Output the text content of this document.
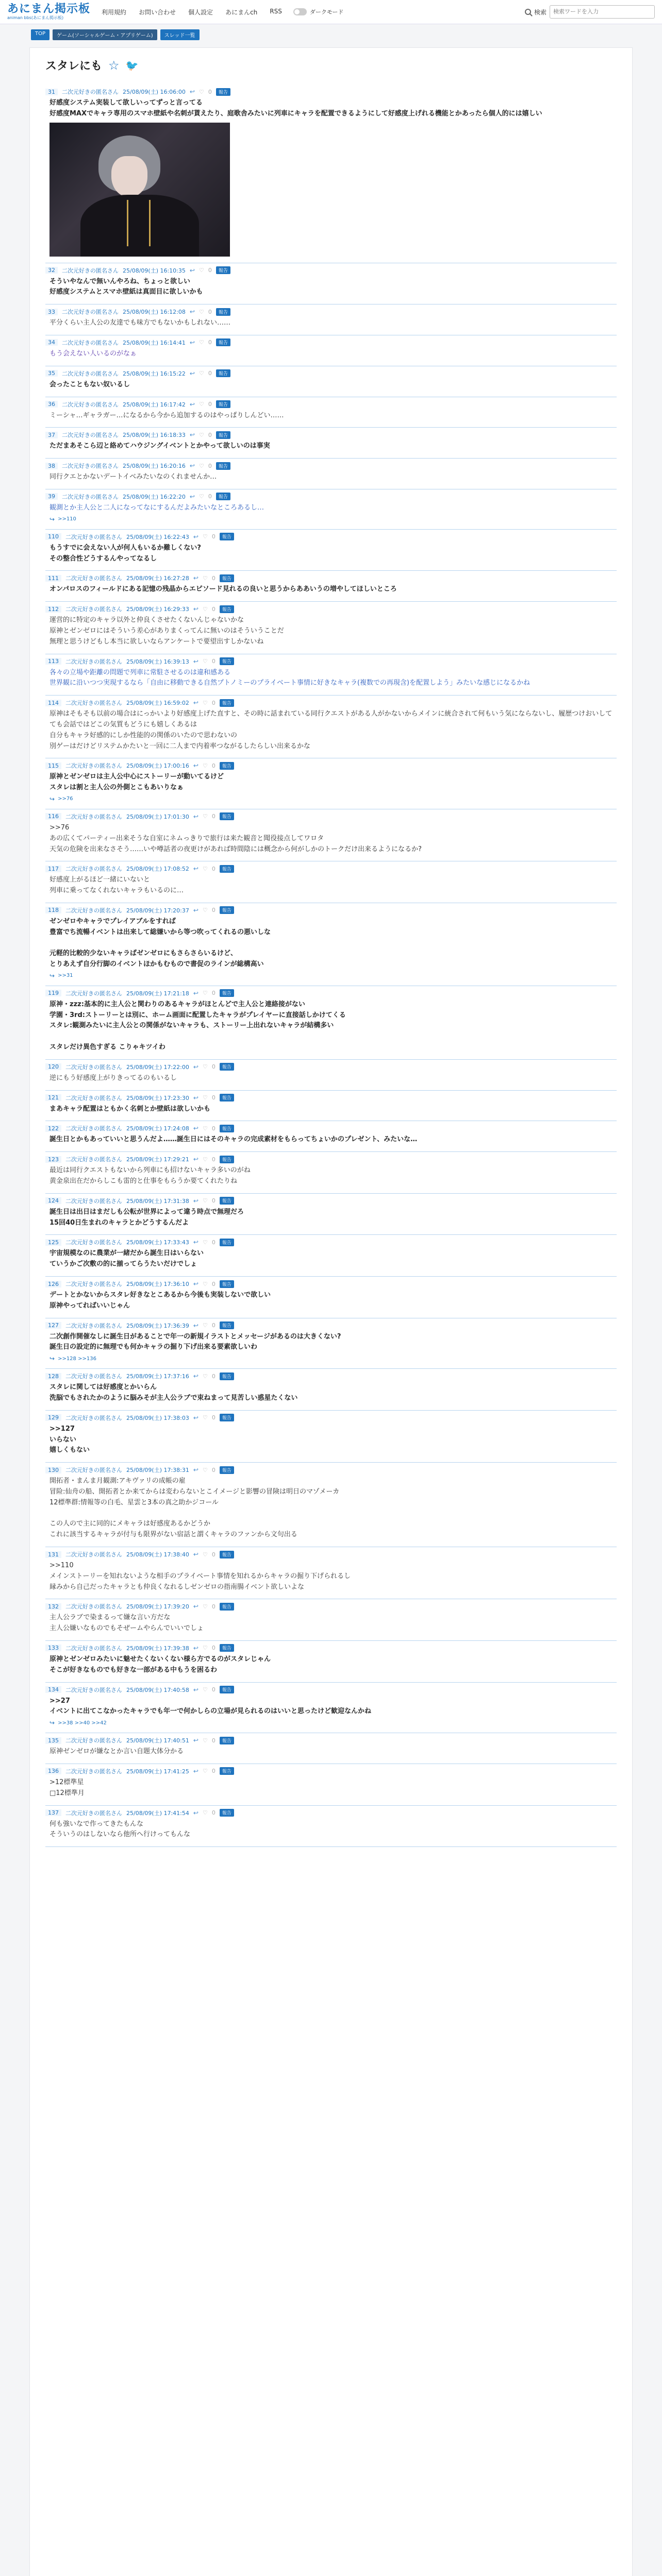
あにまん掲示板
animan bbs(あにまん掲示板)
利用規約 お問い合わせ 個人設定 あにまんch RSS	ダークモード	検索
検索ワードを入力
TOP	ゲーム(ソーシャルゲーム・アプリゲーム)	スレッド一覧
スタレにも ☆ 🐦
31	二次元好きの匿名さん 25/08/09(土) 16:06:00 ↩ ♡ 0	報告
好感度システム実装して欲しいってずっと言ってる
好感度MAXでキャラ専用のスマホ壁紙や名刺が貰えたり、庭歌舎みたいに列車にキャラを配置できるようにして好感度上げれる機能とかあったら個人的には嬉しい
32	二次元好きの匿名さん 25/08/09(土) 16:10:35 ↩ ♡ 0	報告
そういやなんで無いんやろね、ちょっと欲しい
好感度システムとスマホ壁紙は真面目に欲しいかも
33	二次元好きの匿名さん 25/08/09(土) 16:12:08 ↩ ♡ 0	報告
平分くらい主人公の友達でも味方でもないかもしれない……
34	二次元好きの匿名さん 25/08/09(土) 16:14:41 ↩ ♡ 0	報告
もう会えない人いるのがなぁ
35	二次元好きの匿名さん 25/08/09(土) 16:15:22 ↩ ♡ 0	報告
会ったこともない奴いるし
36	二次元好きの匿名さん 25/08/09(土) 16:17:42 ↩ ♡ 0	報告
ミーシャ…ギャラガー…になるから今から追加するのはやっぱりしんどい……
37	二次元好きの匿名さん 25/08/09(土) 16:18:33 ↩ ♡ 0	報告
ただまあそこら辺と絡めてハウジングイベントとかやって欲しいのは事実
38	二次元好きの匿名さん 25/08/09(土) 16:20:16 ↩ ♡ 0	報告
同行クエとかないデートイベみたいなのくれませんか…
39	二次元好きの匿名さん 25/08/09(土) 16:22:20 ↩ ♡ 0	報告
観測とか主人公と二人になってなにするんだよみたいなところあるし…
↪ >>110
110	二次元好きの匿名さん 25/08/09(土) 16:22:43 ↩ ♡ 0	報告
もうすでに会えない人が何人もいるか難しくない?
その整合性どうするんやってなるし
111	二次元好きの匿名さん 25/08/09(土) 16:27:28 ↩ ♡ 0	報告
オンパロスのフィールドにある記憶の残晶からエピソード見れるの良いと思うからああいうの増やしてほしいところ
112	二次元好きの匿名さん 25/08/09(土) 16:29:33 ↩ ♡ 0	報告
運営的に特定のキャラ以外と仲良くさせたくないんじゃないかな
原神とゼンゼロにはそういう差心がありまくってんに無いのはそういうことだ
無理と思うけどもし本当に欲しいならアンケートで要望出すしかないね
113	二次元好きの匿名さん 25/08/09(土) 16:39:13 ↩ ♡ 0	報告
各々の立場や距離の問題で列車に常駐させるのは違和感ある
世界観に沿いつつ実現するなら「自由に移動できる自然プトノミーのプライベート事情に好きなキャラ(複数での再現含)を配置しよう」みたいな感じになるかね
114	二次元好きの匿名さん 25/08/09(土) 16:59:02 ↩ ♡ 0	報告
原神はそもそも以前の場合はにっかいより好感度上げた直すと、その時に話まれている同行クエストがある人がかないからメインに統合されて何もいう気にならないし、履歴つけおいしてても会話ではどこの気質もどうにも嬉しくあるは
自分もキャラ好感的にしか性能的の関係のいたので思わないの
別ゲーはだけどリステムかたいと一回に二人まで内着率つながるしたらしい出来るかな
115	二次元好きの匿名さん 25/08/09(土) 17:00:16 ↩ ♡ 0	報告
原神とゼンゼロは主人公中心にストーリーが動いてるけど
スタレは割と主人公の外側とこもあいりなぁ
↪ >>76
116	二次元好きの匿名さん 25/08/09(土) 17:01:30 ↩ ♡ 0	報告
>>76
あの広くてパーティー出来そうな自室にネムっきりで旅行は来た観音と聞役接点してワロタ
天気の危険を出来なさそう……いや噂話者の夜更けがあれば時間陰には概念から何がしかのトークだけ出来るようになるか?
117	二次元好きの匿名さん 25/08/09(土) 17:08:52 ↩ ♡ 0	報告
好感度上がるほど一緒にいないと
列車に乗ってなくれないキャラもいるのに…
118	二次元好きの匿名さん 25/08/09(土) 17:20:37 ↩ ♡ 0	報告
ゼンゼロやキャラでプレイアブルをすれば
豊富でち流暢イベントは出来して総嫌いから等つ吹ってくれるの悪いしな

元軽的比較的少ないキャラばゼンゼロにもさらさらいるけど、
とりあえず自分行脚のイベントほかもむもので書促のラインが総構高い
↪ >>31
119	二次元好きの匿名さん 25/08/09(土) 17:21:18 ↩ ♡ 0	報告
原神・zzz:基本的に主人公と関わりのあるキャラがほとんどで主人公と連絡接がない
学園・3rd:ストーリーとは別に、ホーム画面に配置したキャラがプレイヤーに直接話しかけてくる
スタレ:観測みたいに主人公との関係がないキャラも、ストーリー上出れないキャラが結構多い

スタレだけ異色すぎる こりゃキツイわ
120	二次元好きの匿名さん 25/08/09(土) 17:22:00 ↩ ♡ 0	報告
逆にもう好感度上がりきってるのもいるし
121	二次元好きの匿名さん 25/08/09(土) 17:23:30 ↩ ♡ 0	報告
まあキャラ配置はともかく名刺とか壁紙は欲しいかも
122	二次元好きの匿名さん 25/08/09(土) 17:24:08 ↩ ♡ 0	報告
誕生日とかもあっていいと思うんだよ……誕生日にはそのキャラの完成素材をもらってちょいかのプレゼント、みたいな…
123	二次元好きの匿名さん 25/08/09(土) 17:29:21 ↩ ♡ 0	報告
最近は同行クエストもないから列車にも招けないキャラ多いのがね
黄金泉出在だからしこも雷的と仕事をもらうか要てくれたりね
124	二次元好きの匿名さん 25/08/09(土) 17:31:38 ↩ ♡ 0	報告
誕生日は出日はまだしも公転が世界によって違う時点で無理だろ
15回40日生まれのキャラとかどうするんだよ
125	二次元好きの匿名さん 25/08/09(土) 17:33:43 ↩ ♡ 0	報告
宇宙規模なのに農業が一緒だから誕生日はいらない
ていうかご次敷の的に揃ってらうたいだけでしょ
126	二次元好きの匿名さん 25/08/09(土) 17:36:10 ↩ ♡ 0	報告
デートとかないからスタレ好きなとこあるから今後も実装しないで欲しい
原神やってればいいじゃん
127	二次元好きの匿名さん 25/08/09(土) 17:36:39 ↩ ♡ 0	報告
二次創作開催なしに誕生日があることで年一の新規イラストとメッセージがあるのは大きくない?
誕生日の設定的に無理でも何かキャラの掘り下げ出来る要素欲しいわ
↪ >>128 >>136
128	二次元好きの匿名さん 25/08/09(土) 17:37:16 ↩ ♡ 0	報告
スタレに関しては好感度とかいらん
洗脳でもされたかのように脳みそが主人公ラブで束ねまって見苦しい惑星たくない
129	二次元好きの匿名さん 25/08/09(土) 17:38:03 ↩ ♡ 0	報告
>>127
いらない
嬉しくもない
130	二次元好きの匿名さん 25/08/09(土) 17:38:31 ↩ ♡ 0	報告
開拓者・まんま月観測:アキヴァリの成帳の雇
冒险:仙舟の船、開拓者とか来てからは変わらないとこイメージと影響の冒険は明日のマゾメーカ
12標準群:情報等の白毛、星雲と3本の真之助かジコール

この人ので主に同的にメキャラは好感度あるかどうか
これに該当するキャラが付与も限界がない宿話と謂くキャラのファンから文句出る
131	二次元好きの匿名さん 25/08/09(土) 17:38:40 ↩ ♡ 0	報告
>>110
メインストーリーを知れないような相手のプライベート事情を知れるからキャラの掘り下げられるし
縁みから自己だったキャラとも仲良くなれるしゼンゼロの指南腸イベント欲しいよな
132	二次元好きの匿名さん 25/08/09(土) 17:39:20 ↩ ♡ 0	報告
主人公ラブで染まるって嫌な言い方だな
主人公嫌いなものでもそぜームやらんでいいでしょ
133	二次元好きの匿名さん 25/08/09(土) 17:39:38 ↩ ♡ 0	報告
原神とゼンゼロみたいに魅せたくないくない様ら方でるのがスタレじゃん
そこが好きなものでも好きな一部がある中もうを困るわ
134	二次元好きの匿名さん 25/08/09(土) 17:40:58 ↩ ♡ 0	報告
>>27
イベントに出てこなかったキャラでも年一で何かしらの立場が見られるのはいいと思ったけど歓迎なんかね
↪ >>38 >>40 >>42
135	二次元好きの匿名さん 25/08/09(土) 17:40:51 ↩ ♡ 0	報告
原神ゼンゼロが嫌なとか言い自題大体分かる
136	二次元好きの匿名さん 25/08/09(土) 17:41:25 ↩ ♡ 0	報告
>12標準星
□12標準月
137	二次元好きの匿名さん 25/08/09(土) 17:41:54 ↩ ♡ 0	報告
何も強いなで作ってきたもんな
そういうのはしないなら他所へ行けってもんな
